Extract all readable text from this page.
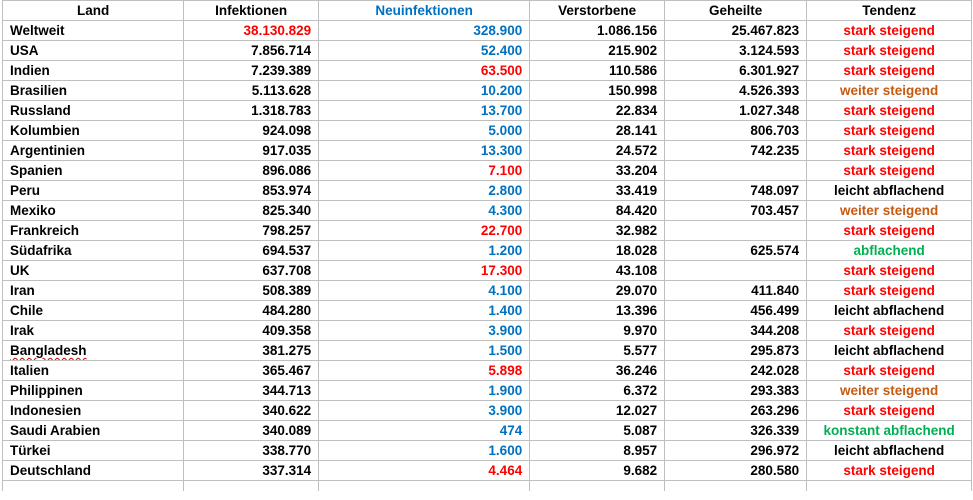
Land	Infektionen	Neuinfektionen	Verstorbene	Geheilte	Tendenz
Weltweit	38.130.829	328.900	1.086.156	25.467.823	stark steigend
USA	7.856.714	52.400	215.902	3.124.593	stark steigend
Indien	7.239.389	63.500	110.586	6.301.927	stark steigend
Brasilien	5.113.628	10.200	150.998	4.526.393	weiter steigend
Russland	1.318.783	13.700	22.834	1.027.348	stark steigend
Kolumbien	924.098	5.000	28.141	806.703	stark steigend
Argentinien	917.035	13.300	24.572	742.235	stark steigend
Spanien	896.086	7.100	33.204		stark steigend
Peru	853.974	2.800	33.419	748.097	leicht abflachend
Mexiko	825.340	4.300	84.420	703.457	weiter steigend
Frankreich	798.257	22.700	32.982		stark steigend
Südafrika	694.537	1.200	18.028	625.574	abflachend
UK	637.708	17.300	43.108		stark steigend
Iran	508.389	4.100	29.070	411.840	stark steigend
Chile	484.280	1.400	13.396	456.499	leicht abflachend
Irak	409.358	3.900	9.970	344.208	stark steigend
Bangladesh	381.275	1.500	5.577	295.873	leicht abflachend
Italien	365.467	5.898	36.246	242.028	stark steigend
Philippinen	344.713	1.900	6.372	293.383	weiter steigend
Indonesien	340.622	3.900	12.027	263.296	stark steigend
Saudi Arabien	340.089	474	5.087	326.339	konstant abflachend
Türkei	338.770	1.600	8.957	296.972	leicht abflachend
Deutschland	337.314	4.464	9.682	280.580	stark steigend
